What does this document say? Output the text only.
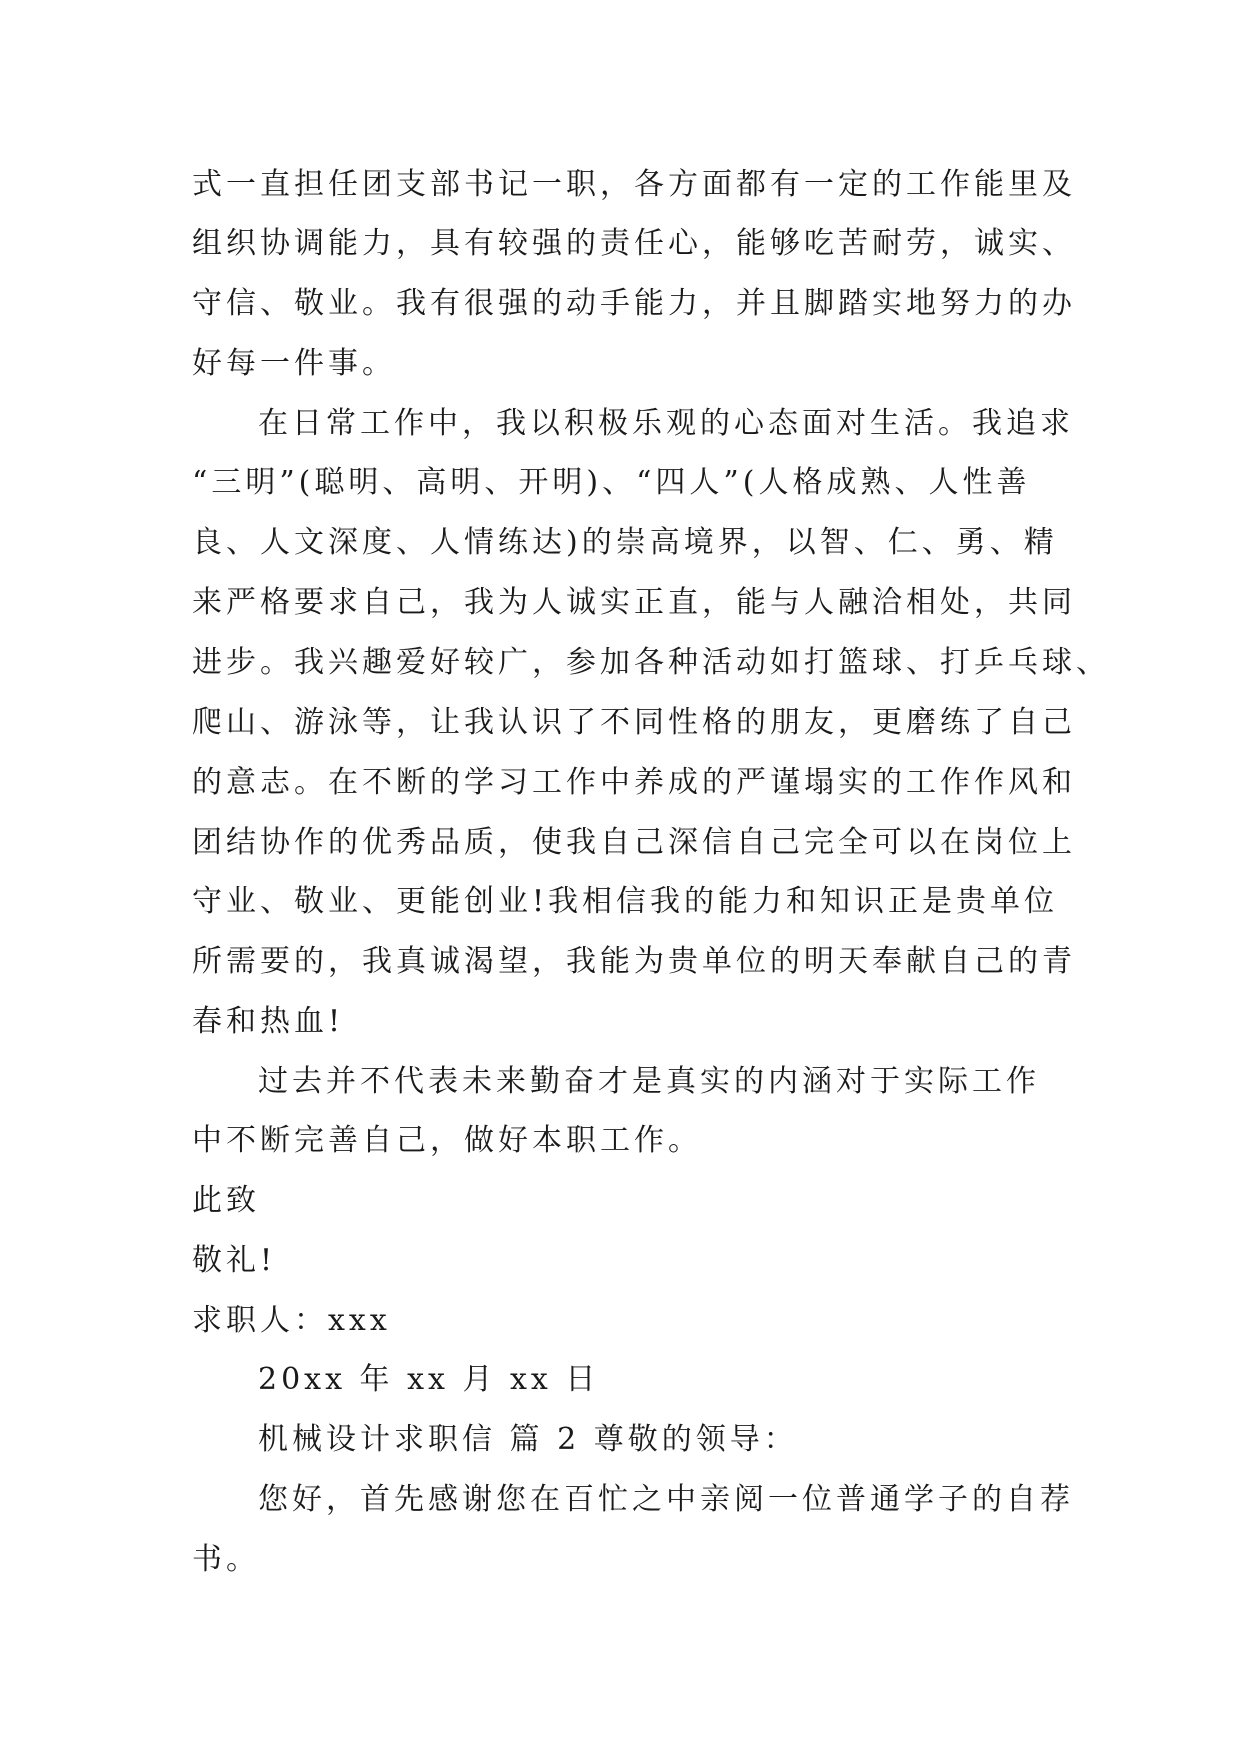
式一直担任团支部书记一职，各方面都有一定的工作能里及
组织协调能力，具有较强的责任心，能够吃苦耐劳，诚实、
守信、敬业。我有很强的动手能力，并且脚踏实地努力的办
好每一件事。
在日常工作中，我以积极乐观的心态面对生活。我追求
“三明”(聪明、高明、开明)、“四人”(人格成熟、人性善
良、人文深度、人情练达)的崇高境界，以智、仁、勇、精
来严格要求自己，我为人诚实正直，能与人融洽相处，共同
进步。我兴趣爱好较广，参加各种活动如打篮球、打乒乓球、
爬山、游泳等，让我认识了不同性格的朋友，更磨练了自己
的意志。在不断的学习工作中养成的严谨塌实的工作作风和
团结协作的优秀品质，使我自己深信自己完全可以在岗位上
守业、敬业、更能创业!我相信我的能力和知识正是贵单位
所需要的，我真诚渴望，我能为贵单位的明天奉献自己的青
春和热血!
过去并不代表未来勤奋才是真实的内涵对于实际工作
中不断完善自己，做好本职工作。
此致
敬礼!
求职人：xxx
20xx 年 xx 月 xx 日
机械设计求职信 篇 2 尊敬的领导：
您好，首先感谢您在百忙之中亲阅一位普通学子的自荐
书。
